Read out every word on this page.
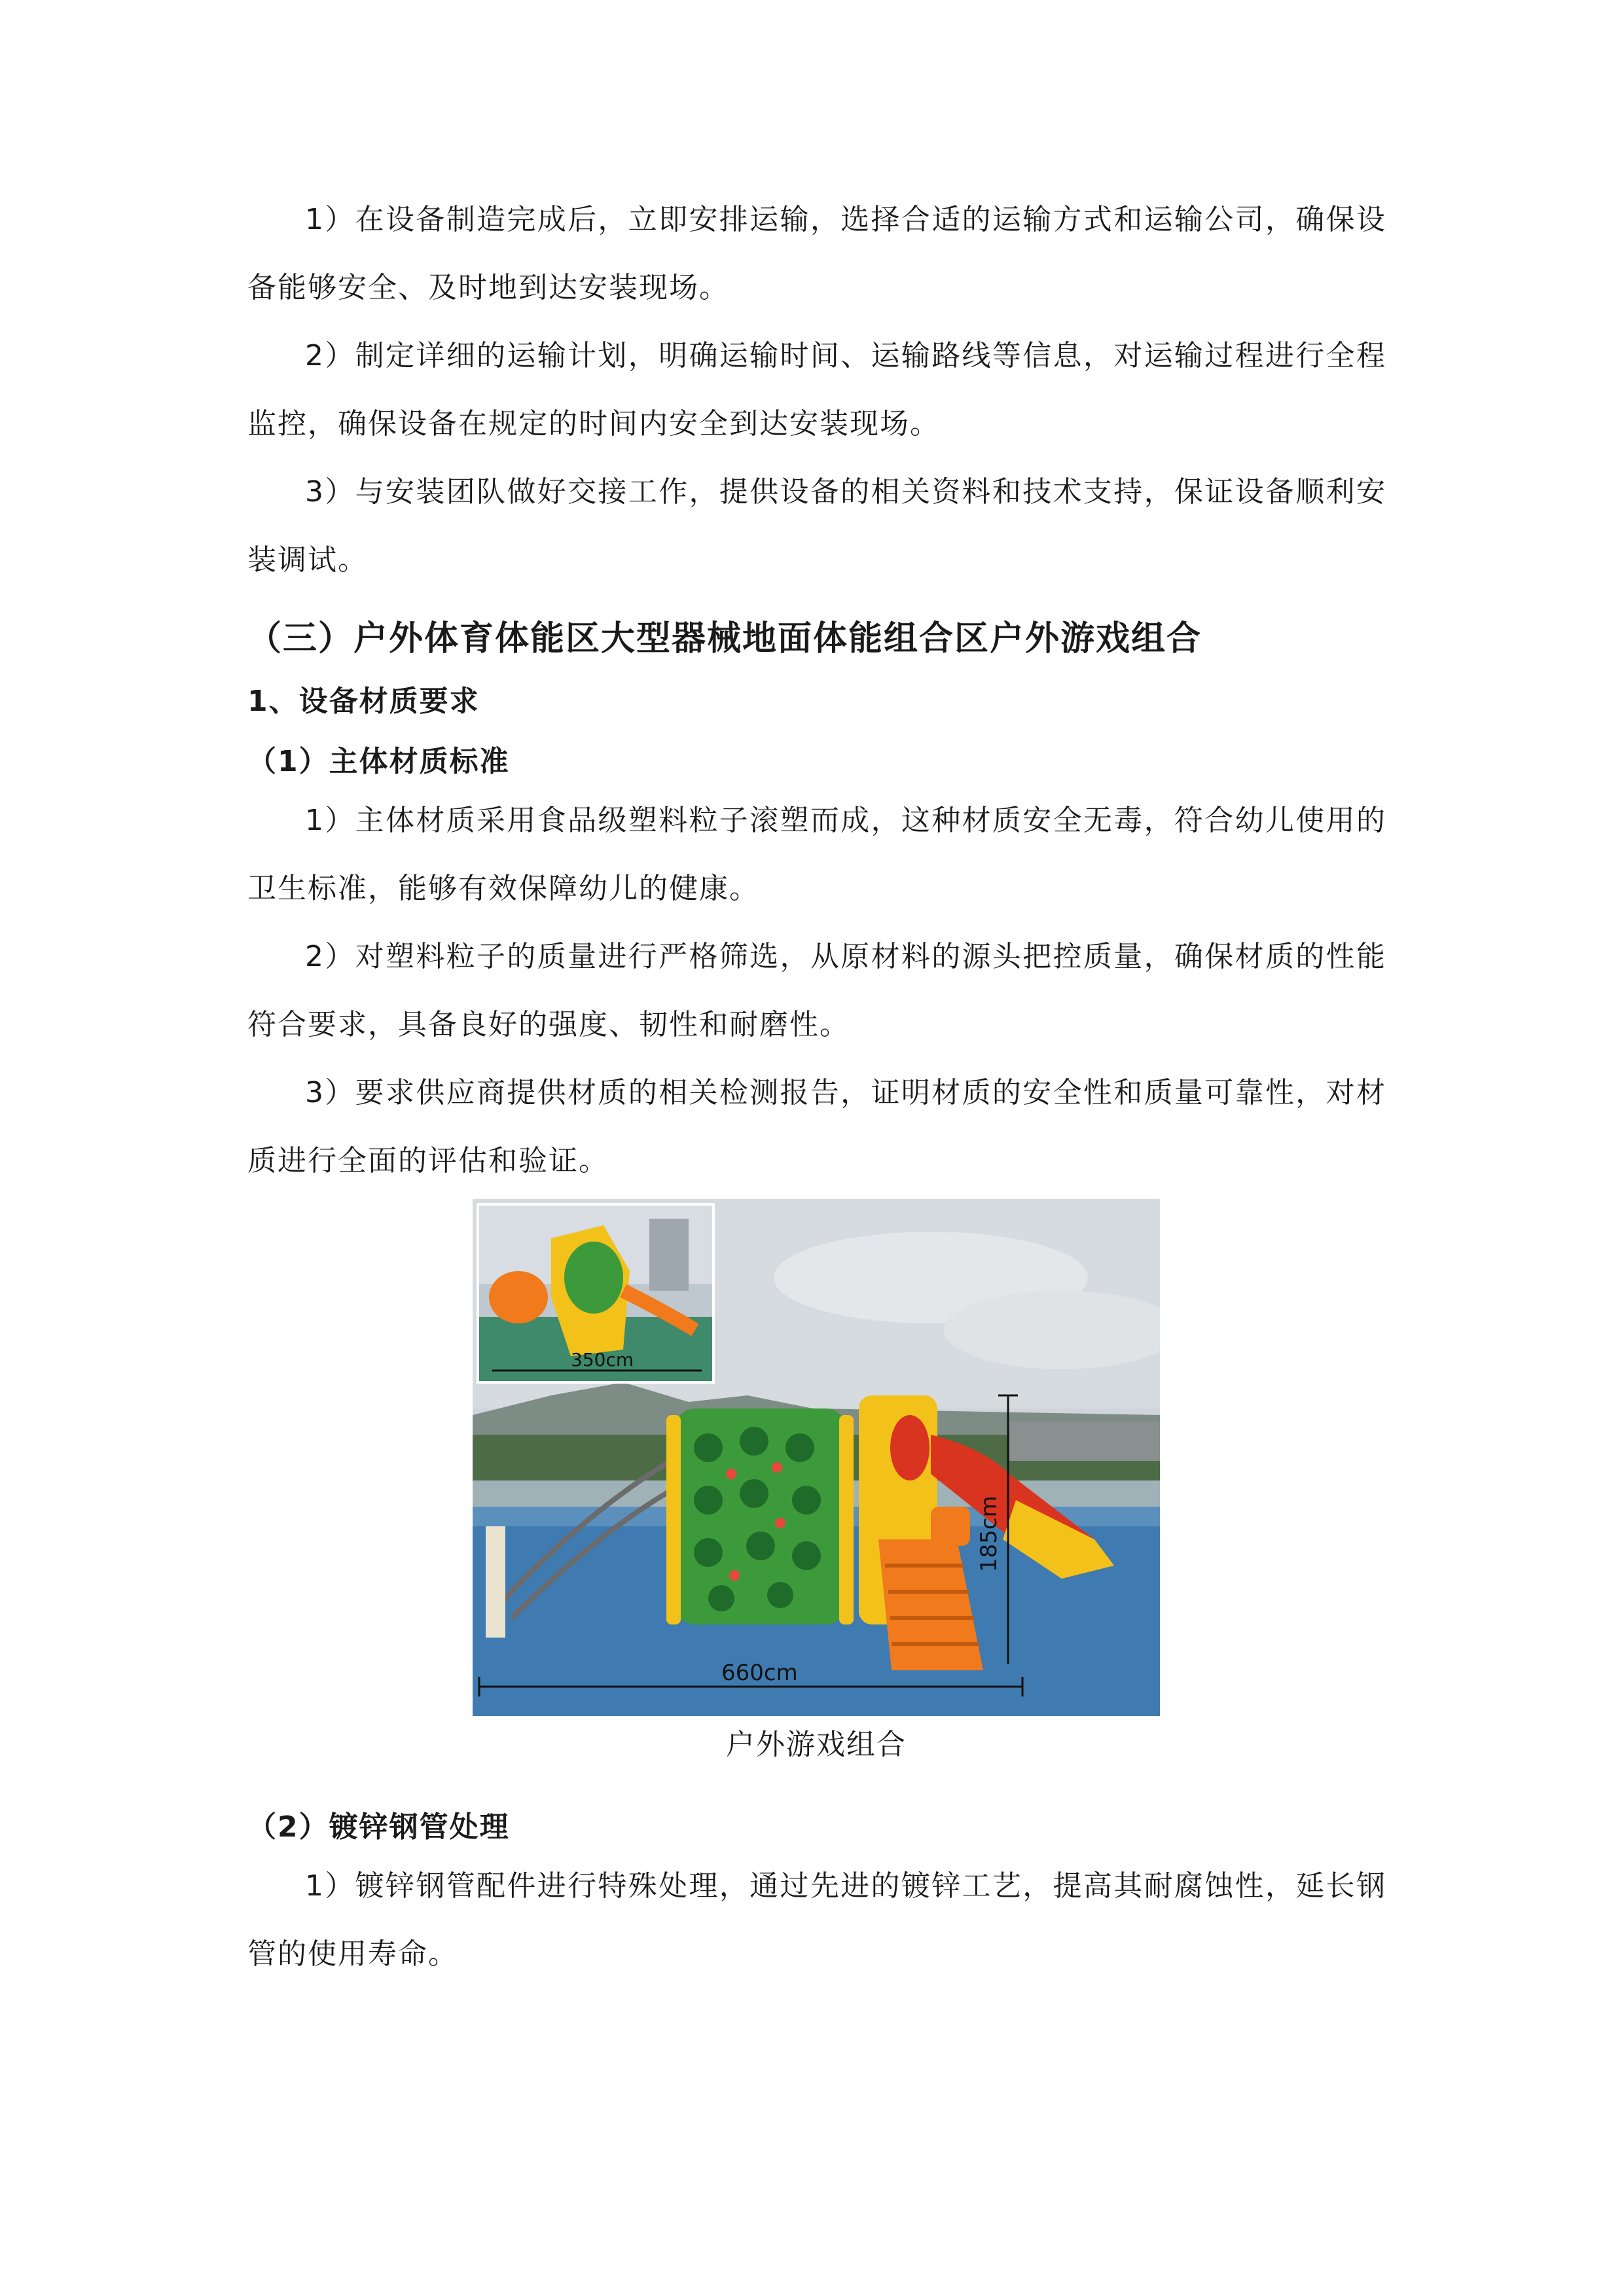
1）在设备制造完成后，立即安排运输，选择合适的运输方式和运输公司，确保设备能够安全、及时地到达安装现场。

2）制定详细的运输计划，明确运输时间、运输路线等信息，对运输过程进行全程监控，确保设备在规定的时间内安全到达安装现场。

3）与安装团队做好交接工作，提供设备的相关资料和技术支持，保证设备顺利安装调试。

（三）户外体育体能区大型器械地面体能组合区户外游戏组合
1、设备材质要求
（1）主体材质标准

1）主体材质采用食品级塑料粒子滚塑而成，这种材质安全无毒，符合幼儿使用的卫生标准，能够有效保障幼儿的健康。

2）对塑料粒子的质量进行严格筛选，从原材料的源头把控质量，确保材质的性能符合要求，具备良好的强度、韧性和耐磨性。

3）要求供应商提供材质的相关检测报告，证明材质的安全性和质量可靠性，对材质进行全面的评估和验证。

660cm
185cm
350cm
户外游戏组合
（2）镀锌钢管处理

1）镀锌钢管配件进行特殊处理，通过先进的镀锌工艺，提高其耐腐蚀性，延长钢管的使用寿命。
